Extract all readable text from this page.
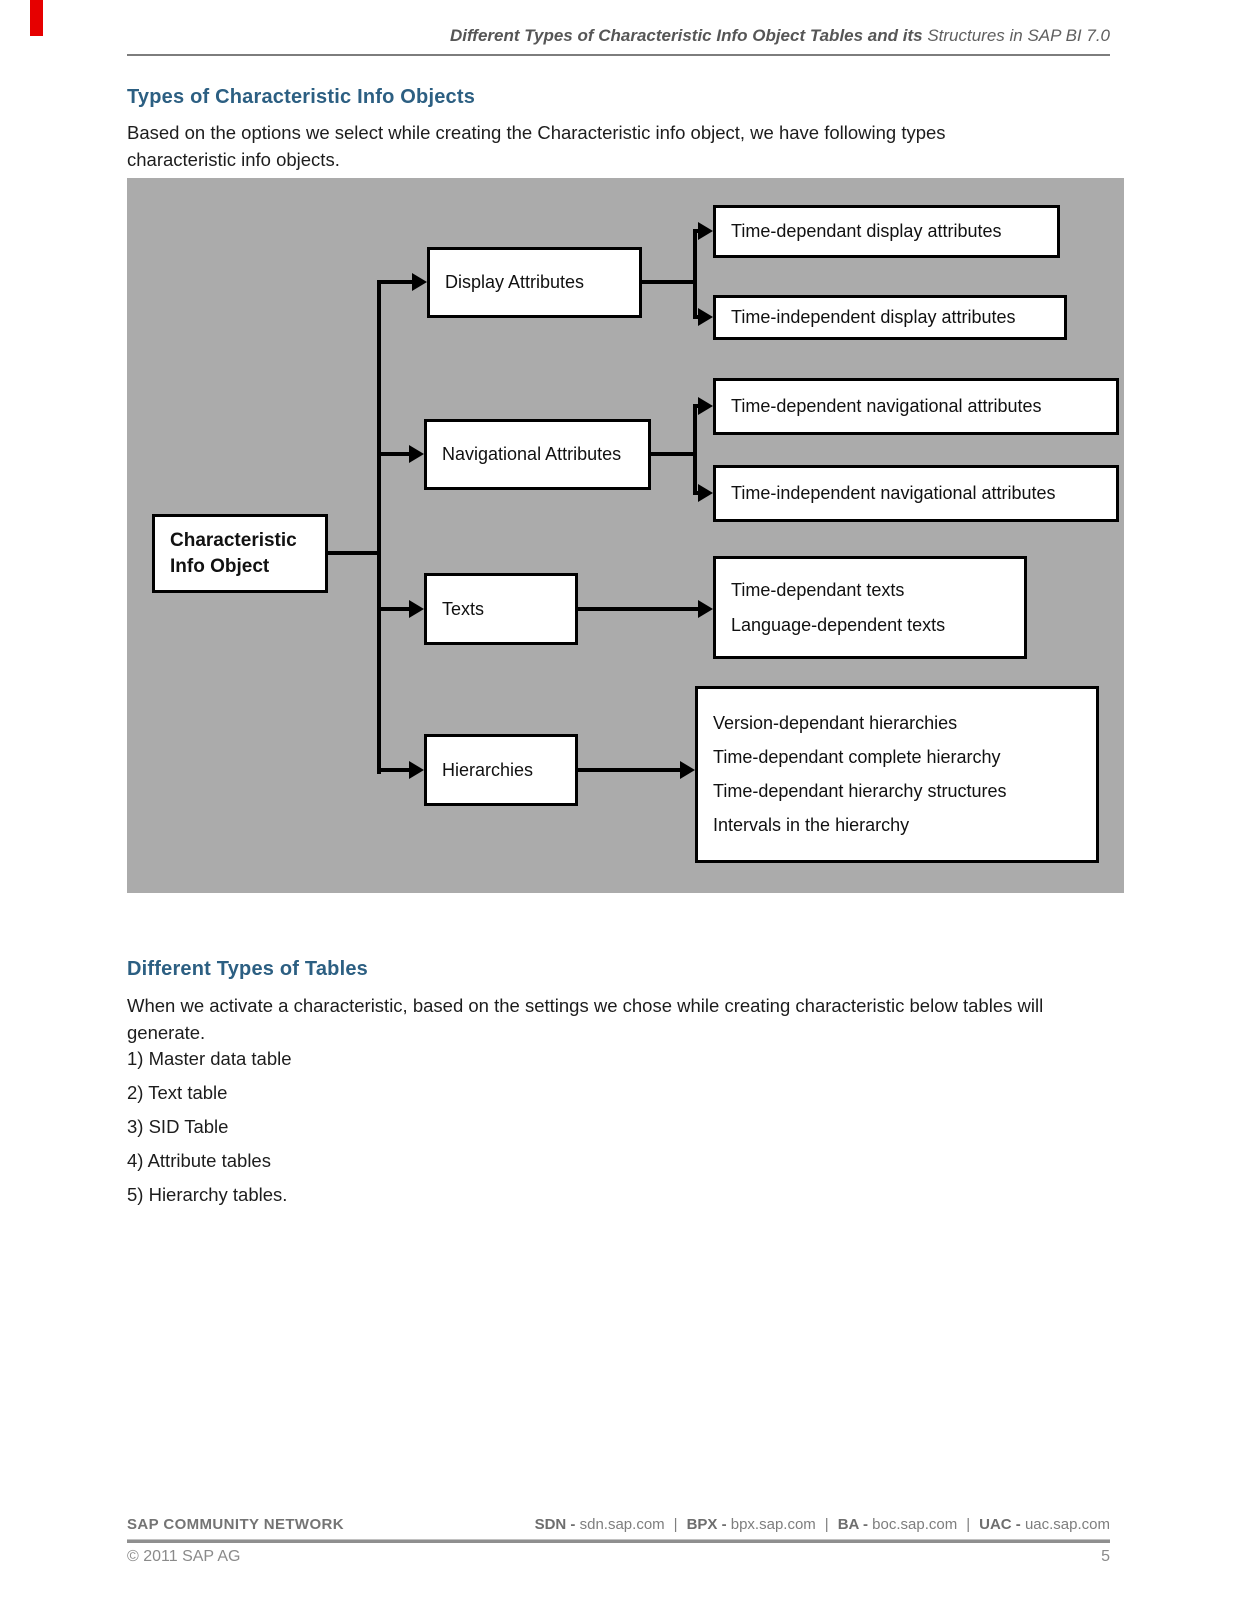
Different Types of Characteristic Info Object Tables and its Structures in SAP BI 7.0
Types of Characteristic Info Objects
Based on the options we select while creating the Characteristic info object, we have following types characteristic info objects.
Characteristic
Info Object
Display Attributes
Navigational Attributes
Texts
Hierarchies
Time-dependant display attributes
Time-independent display attributes
Time-dependent navigational attributes
Time-independent navigational attributes
Time-dependant texts
Language-dependent texts
Version-dependant hierarchies
Time-dependant complete hierarchy
Time-dependant hierarchy structures
Intervals in the hierarchy
Different Types of Tables
When we activate a characteristic, based on the settings we chose while creating characteristic below tables will generate.
1) Master data table
2) Text table
3) SID Table
4) Attribute tables
5) Hierarchy tables.
SAP COMMUNITY NETWORK	SDN - sdn.sap.com | BPX - bpx.sap.com | BA - boc.sap.com | UAC - uac.sap.com
© 2011 SAP AG	5
